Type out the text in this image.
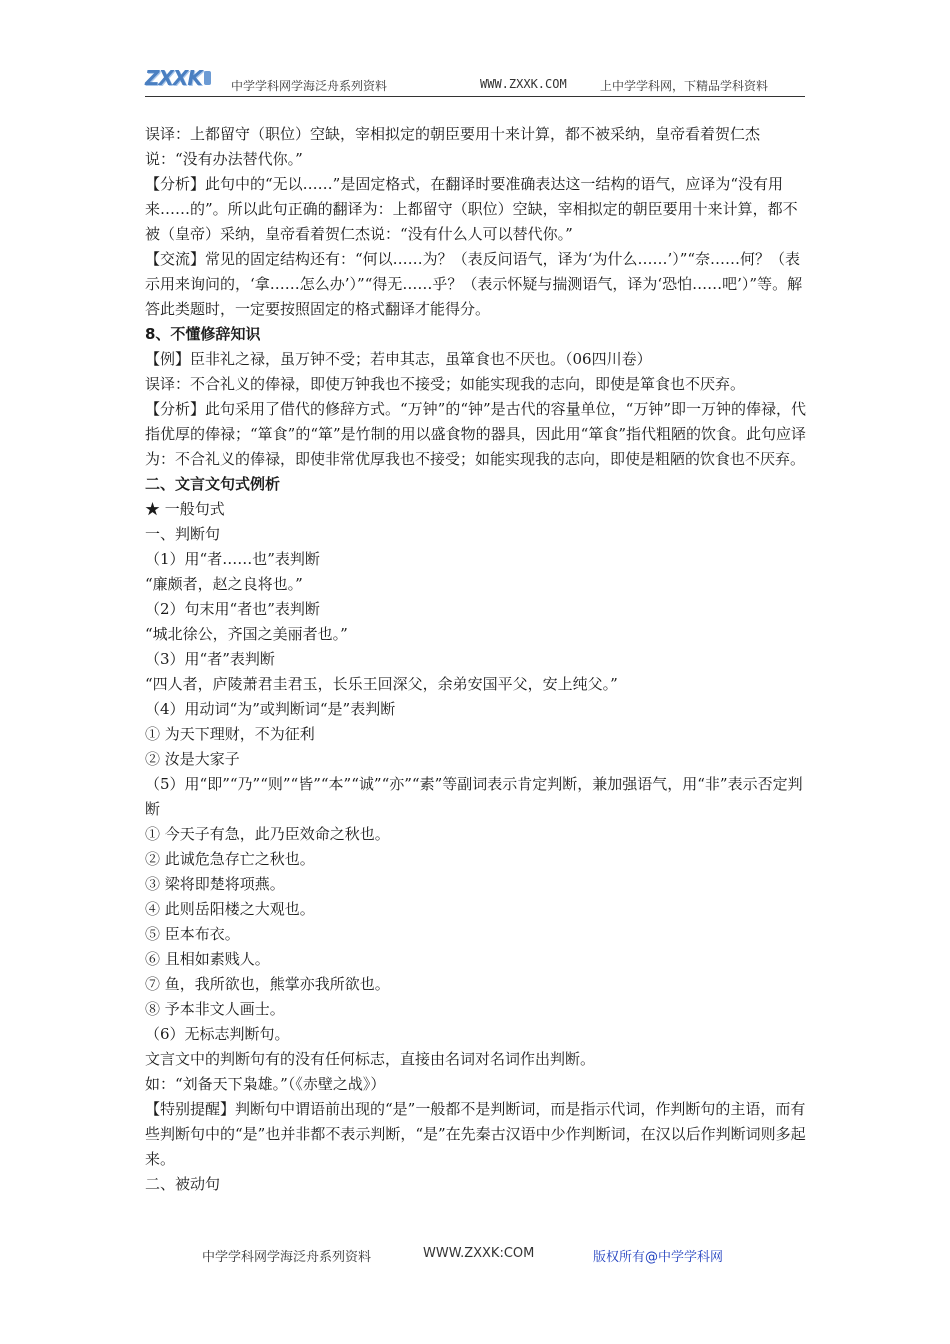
ZXXK 中学学科网学海泛舟系列资料	WWW.ZXXK.COM	上中学学科网，下精品学科资料

误译：上都留守（职位）空缺，宰相拟定的朝臣要用十来计算，都不被采纳，皇帝看着贺仁杰说：“没有办法替代你。”

【分析】此句中的“无以……”是固定格式，在翻译时要准确表达这一结构的语气，应译为“没有用来……的”。所以此句正确的翻译为：上都留守（职位）空缺，宰相拟定的朝臣要用十来计算，都不被（皇帝）采纳，皇帝看着贺仁杰说：“没有什么人可以替代你。”

【交流】常见的固定结构还有：“何以……为？（表反问语气，译为‘为什么……’）”“奈……何？（表示用来询问的，‘拿……怎么办’）”“得无……乎？（表示怀疑与揣测语气，译为‘恐怕……吧’）”等。解答此类题时，一定要按照固定的格式翻译才能得分。

8、不懂修辞知识

【例】臣非礼之禄，虽万钟不受；若申其志，虽箪食也不厌也。（06四川卷）

误译：不合礼义的俸禄，即使万钟我也不接受；如能实现我的志向，即使是箪食也不厌弃。

【分析】此句采用了借代的修辞方式。“万钟”的“钟”是古代的容量单位，“万钟”即一万钟的俸禄，代指优厚的俸禄；“箪食”的“箪”是竹制的用以盛食物的器具，因此用“箪食”指代粗陋的饮食。此句应译为：不合礼义的俸禄，即使非常优厚我也不接受；如能实现我的志向，即使是粗陋的饮食也不厌弃。

二、文言文句式例析

★ 一般句式

一、判断句

（1）用“者……也”表判断

“廉颇者，赵之良将也。”

（2）句末用“者也”表判断

“城北徐公，齐国之美丽者也。”

（3）用“者”表判断

“四人者，庐陵萧君圭君玉，长乐王回深父，余弟安国平父，安上纯父。”

（4）用动词“为”或判断词“是”表判断

① 为天下理财，不为征利

② 汝是大家子

（5）用“即”“乃”“则”“皆”“本”“诚”“亦”“素”等副词表示肯定判断，兼加强语气，用“非”表示否定判断

① 今天子有急，此乃臣效命之秋也。

② 此诚危急存亡之秋也。

③ 梁将即楚将项燕。

④ 此则岳阳楼之大观也。

⑤ 臣本布衣。

⑥ 且相如素贱人。

⑦ 鱼，我所欲也，熊掌亦我所欲也。

⑧ 予本非文人画士。

（6）无标志判断句。

文言文中的判断句有的没有任何标志，直接由名词对名词作出判断。

如：“刘备天下枭雄。”（《赤壁之战》）

【特别提醒】判断句中谓语前出现的“是”一般都不是判断词，而是指示代词，作判断句的主语，而有些判断句中的“是”也并非都不表示判断，“是”在先秦古汉语中少作判断词，在汉以后作判断词则多起来。

二、被动句

中学学科网学海泛舟系列资料	WWW.ZXXK:COM	版权所有@中学学科网
